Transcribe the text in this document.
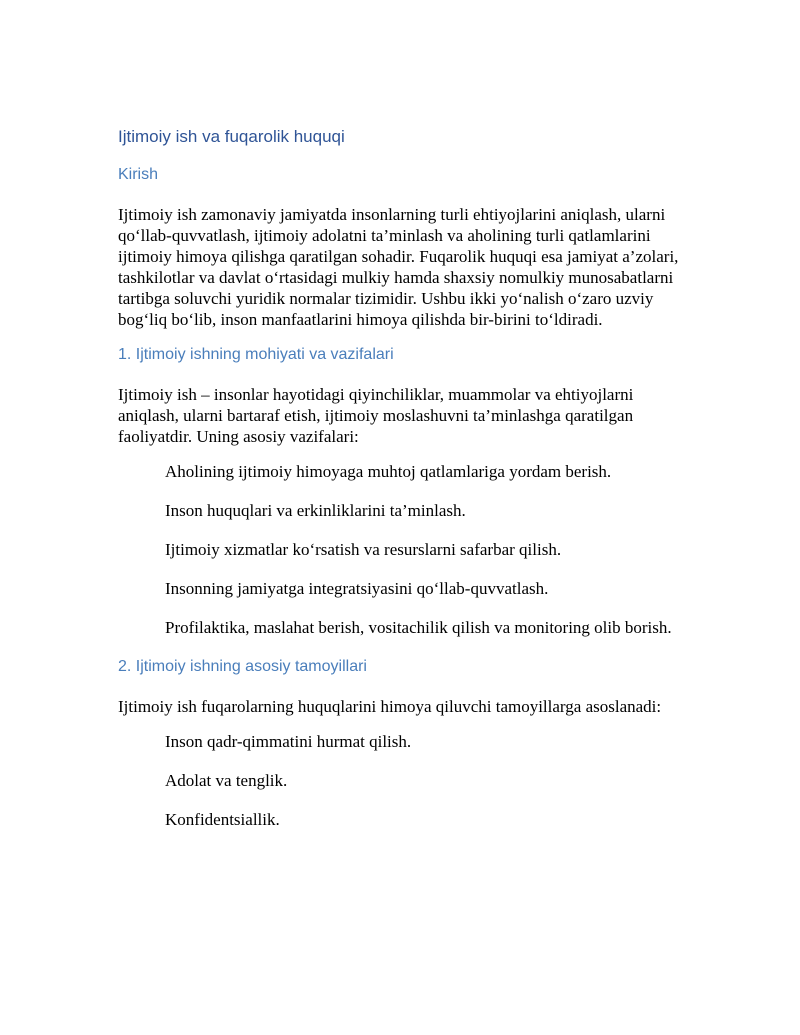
Ijtimoiy ish va fuqarolik huquqi
Kirish

Ijtimoiy ish zamonaviy jamiyatda insonlarning turli ehtiyojlarini aniqlash, ularni qo‘llab-quvvatlash, ijtimoiy adolatni ta’minlash va aholining turli qatlamlarini ijtimoiy himoya qilishga qaratilgan sohadir. Fuqarolik huquqi esa jamiyat a’zolari, tashkilotlar va davlat o‘rtasidagi mulkiy hamda shaxsiy nomulkiy munosabatlarni tartibga soluvchi yuridik normalar tizimidir. Ushbu ikki yo‘nalish o‘zaro uzviy bog‘liq bo‘lib, inson manfaatlarini himoya qilishda bir-birini to‘ldiradi.

1. Ijtimoiy ishning mohiyati va vazifalari

Ijtimoiy ish – insonlar hayotidagi qiyinchiliklar, muammolar va ehtiyojlarni aniqlash, ularni bartaraf etish, ijtimoiy moslashuvni ta’minlashga qaratilgan faoliyatdir. Uning asosiy vazifalari:

Aholining ijtimoiy himoyaga muhtoj qatlamlariga yordam berish.
Inson huquqlari va erkinliklarini ta’minlash.
Ijtimoiy xizmatlar ko‘rsatish va resurslarni safarbar qilish.
Insonning jamiyatga integratsiyasini qo‘llab-quvvatlash.
Profilaktika, maslahat berish, vositachilik qilish va monitoring olib borish.
2. Ijtimoiy ishning asosiy tamoyillari

Ijtimoiy ish fuqarolarning huquqlarini himoya qiluvchi tamoyillarga asoslanadi:

Inson qadr-qimmatini hurmat qilish.
Adolat va tenglik.
Konfidentsiallik.
